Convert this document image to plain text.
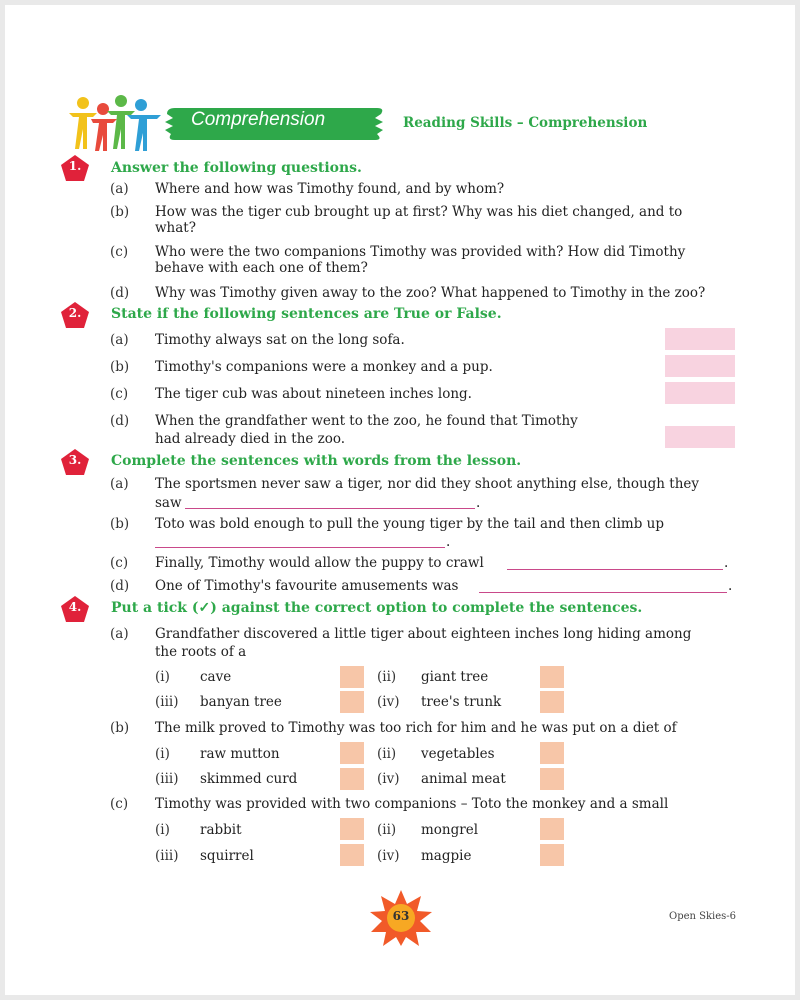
Comprehension	Reading Skills – Comprehension
1.	Answer the following questions.
(a) Where and how was Timothy found, and by whom?
(b) How was the tiger cub brought up at first? Why was his diet changed, and to
what?
(c) Who were the two companions Timothy was provided with? How did Timothy
behave with each one of them?
(d) Why was Timothy given away to the zoo? What happened to Timothy in the zoo?
2.	State if the following sentences are True or False.
(a) Timothy always sat on the long sofa.
(b) Timothy's companions were a monkey and a pup.
(c) The tiger cub was about nineteen inches long.
(d) When the grandfather went to the zoo, he found that Timothy
had already died in the zoo.
3.	Complete the sentences with words from the lesson.
(a) The sportsmen never saw a tiger, nor did they shoot anything else, though they
saw	.
(b) Toto was bold enough to pull the young tiger by the tail and then climb up
.
(c) Finally, Timothy would allow the puppy to crawl	.
(d) One of Timothy's favourite amusements was	.
4.	Put a tick (✓) against the correct option to complete the sentences.
(a) Grandfather discovered a little tiger about eighteen inches long hiding among
the roots of a
(i) cave	(ii) giant tree
(iii) banyan tree	(iv) tree's trunk
(b) The milk proved to Timothy was too rich for him and he was put on a diet of
(i) raw mutton	(ii) vegetables
(iii) skimmed curd	(iv) animal meat
(c) Timothy was provided with two companions – Toto the monkey and a small
(i) rabbit	(ii) mongrel
(iii) squirrel	(iv) magpie
63	Open Skies-6
